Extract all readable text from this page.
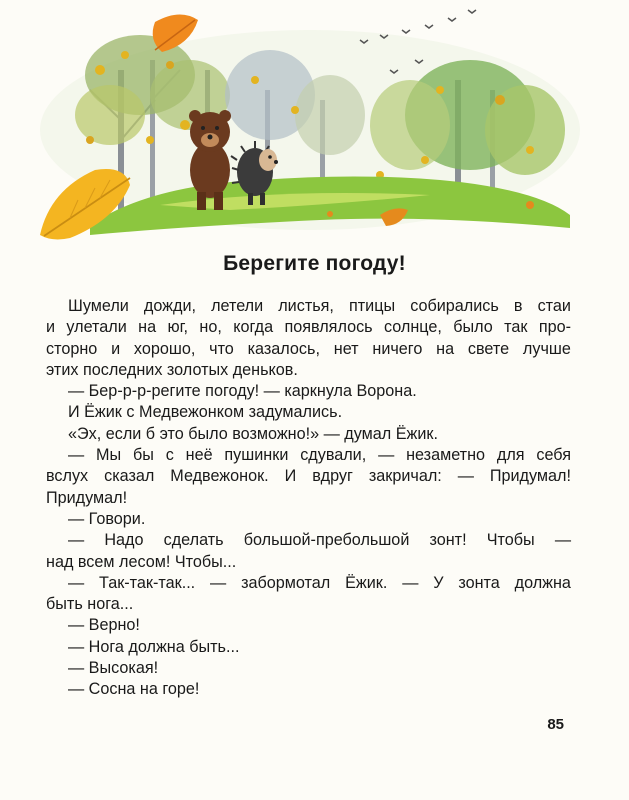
Берегите погоду!
Шумели дожди, летели листья, птицы собирались в стаи
и улетали на юг, но, когда появлялось солнце, было так про-
сторно и хорошо, что казалось, нет ничего на свете лучше
этих последних золотых деньков.
— Бер-р-р-регите погоду! — каркнула Ворона.
И Ёжик с Медвежонком задумались.
«Эх, если б это было возможно!» — думал Ёжик.
— Мы бы с неё пушинки сдували, — незаметно для себя
вслух сказал Медвежонок. И вдруг закричал: — Придумал!
Придумал!
— Говори.
— Надо сделать большой-пребольшой зонт! Чтобы —
над всем лесом! Чтобы...
— Так-так-так... — забормотал Ёжик. — У зонта должна
быть нога...
— Верно!
— Нога должна быть...
— Высокая!
— Сосна на горе!
85
